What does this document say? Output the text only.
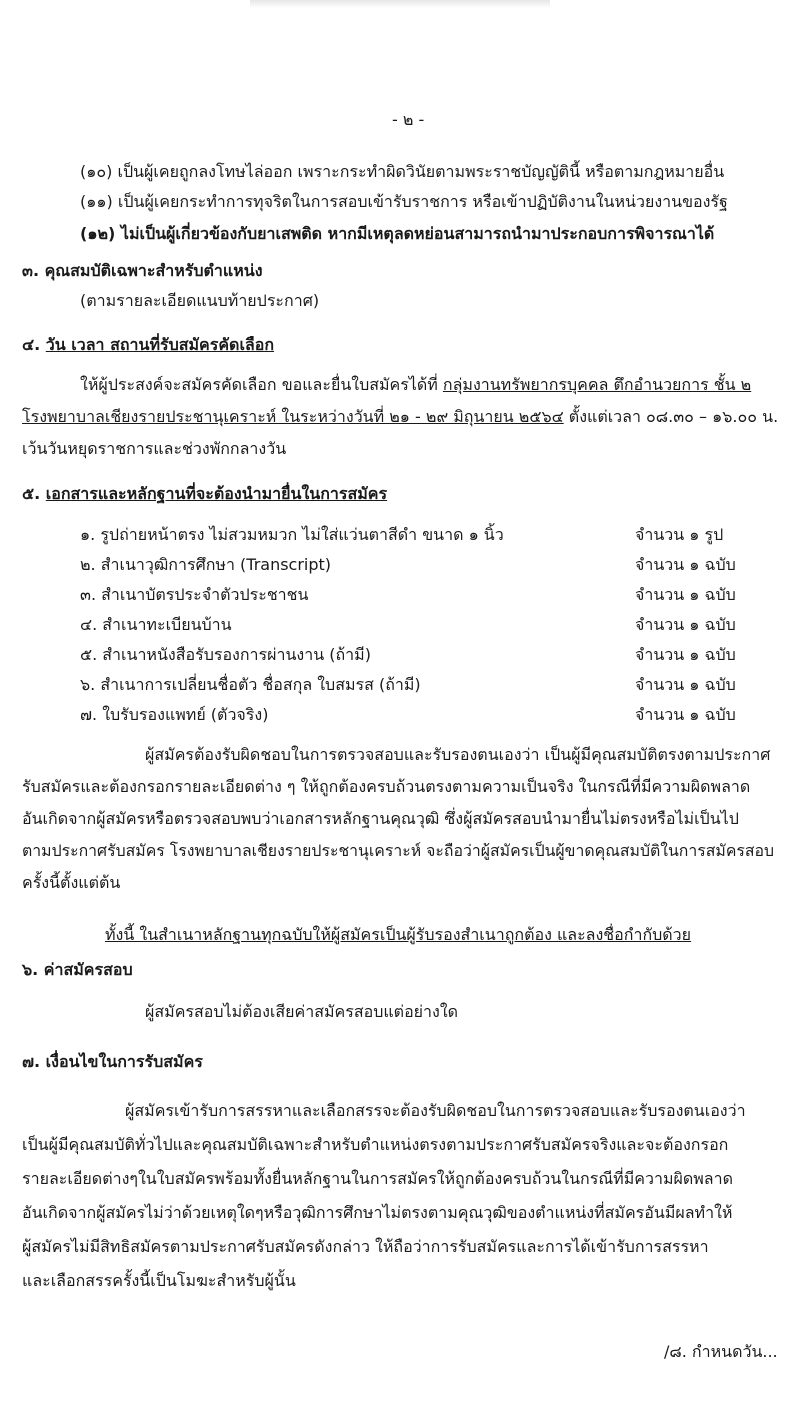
- ๒ -
(๑๐) เป็นผู้เคยถูกลงโทษไล่ออก เพราะกระทำผิดวินัยตามพระราชบัญญัตินี้ หรือตามกฎหมายอื่น
(๑๑) เป็นผู้เคยกระทำการทุจริตในการสอบเข้ารับราชการ หรือเข้าปฏิบัติงานในหน่วยงานของรัฐ
(๑๒) ไม่เป็นผู้เกี่ยวข้องกับยาเสพติด หากมีเหตุลดหย่อนสามารถนำมาประกอบการพิจารณาได้
๓. คุณสมบัติเฉพาะสำหรับตำแหน่ง
(ตามรายละเอียดแนบท้ายประกาศ)
๔. วัน เวลา สถานที่รับสมัครคัดเลือก
ให้ผู้ประสงค์จะสมัครคัดเลือก ขอและยื่นใบสมัครได้ที่ กลุ่มงานทรัพยากรบุคคล ตึกอำนวยการ ชั้น ๒
โรงพยาบาลเชียงรายประชานุเคราะห์ ในระหว่างวันที่ ๒๑ - ๒๙ มิถุนายน ๒๕๖๔ ตั้งแต่เวลา ๐๘.๓๐ – ๑๖.๐๐ น.
เว้นวันหยุดราชการและช่วงพักกลางวัน
๕. เอกสารและหลักฐานที่จะต้องนำมายื่นในการสมัคร
๑. รูปถ่ายหน้าตรง ไม่สวมหมวก ไม่ใส่แว่นตาสีดำ ขนาด ๑ นิ้ว	จำนวน ๑ รูป
๒. สำเนาวุฒิการศึกษา (Transcript)	จำนวน ๑ ฉบับ
๓. สำเนาบัตรประจำตัวประชาชน	จำนวน ๑ ฉบับ
๔. สำเนาทะเบียนบ้าน	จำนวน ๑ ฉบับ
๕. สำเนาหนังสือรับรองการผ่านงาน (ถ้ามี)	จำนวน ๑ ฉบับ
๖. สำเนาการเปลี่ยนชื่อตัว ชื่อสกุล ใบสมรส (ถ้ามี)	จำนวน ๑ ฉบับ
๗. ใบรับรองแพทย์ (ตัวจริง)	จำนวน ๑ ฉบับ
ผู้สมัครต้องรับผิดชอบในการตรวจสอบและรับรองตนเองว่า เป็นผู้มีคุณสมบัติตรงตามประกาศ
รับสมัครและต้องกรอกรายละเอียดต่าง ๆ ให้ถูกต้องครบถ้วนตรงตามความเป็นจริง ในกรณีที่มีความผิดพลาด
อันเกิดจากผู้สมัครหรือตรวจสอบพบว่าเอกสารหลักฐานคุณวุฒิ ซึ่งผู้สมัครสอบนำมายื่นไม่ตรงหรือไม่เป็นไป
ตามประกาศรับสมัคร โรงพยาบาลเชียงรายประชานุเคราะห์ จะถือว่าผู้สมัครเป็นผู้ขาดคุณสมบัติในการสมัครสอบ
ครั้งนี้ตั้งแต่ต้น
ทั้งนี้ ในสำเนาหลักฐานทุกฉบับให้ผู้สมัครเป็นผู้รับรองสำเนาถูกต้อง และลงชื่อกำกับด้วย
๖. ค่าสมัครสอบ
ผู้สมัครสอบไม่ต้องเสียค่าสมัครสอบแต่อย่างใด
๗. เงื่อนไขในการรับสมัคร
ผู้สมัครเข้ารับการสรรหาและเลือกสรรจะต้องรับผิดชอบในการตรวจสอบและรับรองตนเองว่า
เป็นผู้มีคุณสมบัติทั่วไปและคุณสมบัติเฉพาะสำหรับตำแหน่งตรงตามประกาศรับสมัครจริงและจะต้องกรอก
รายละเอียดต่างๆในใบสมัครพร้อมทั้งยื่นหลักฐานในการสมัครให้ถูกต้องครบถ้วนในกรณีที่มีความผิดพลาด
อันเกิดจากผู้สมัครไม่ว่าด้วยเหตุใดๆหรือวุฒิการศึกษาไม่ตรงตามคุณวุฒิของตำแหน่งที่สมัครอันมีผลทำให้
ผู้สมัครไม่มีสิทธิสมัครตามประกาศรับสมัครดังกล่าว ให้ถือว่าการรับสมัครและการได้เข้ารับการสรรหา
และเลือกสรรครั้งนี้เป็นโมฆะสำหรับผู้นั้น
/๘. กำหนดวัน...
